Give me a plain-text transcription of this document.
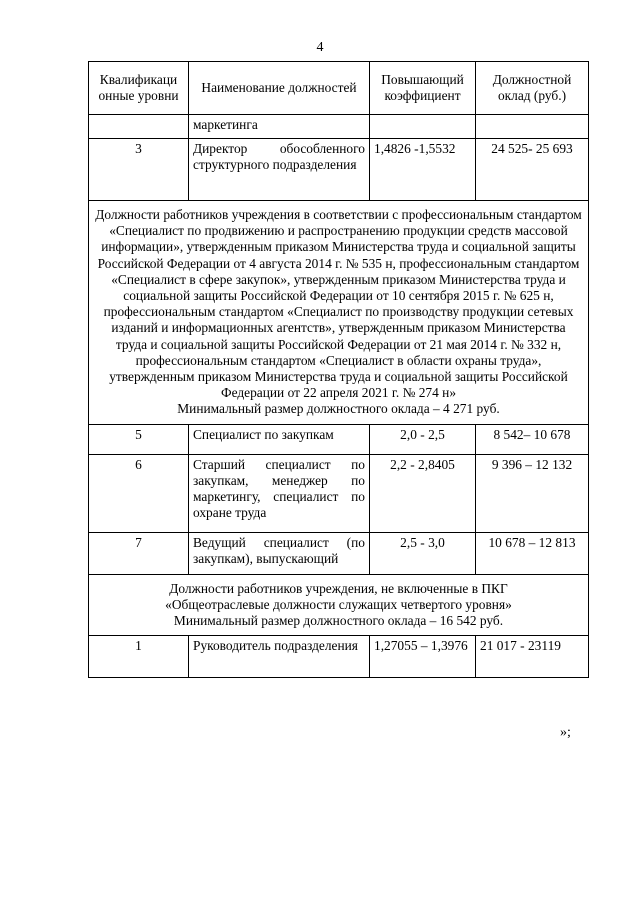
4
Квалификаци онные уровни	Наименование должностей	Повышающий коэффициент	Должностной оклад (руб.)
	маркетинга		
3	Директор обособленного структурного подразделения	1,4826 -1,5532	24 525- 25 693

Должности работников учреждения в соответствии с профессиональным стандартом «Специалист по продвижению и распространению продукции средств массовой информации», утвержденным приказом Министерства труда и социальной защиты Российской Федерации от 4 августа 2014 г. № 535 н, профессиональным стандартом «Специалист в сфере закупок», утвержденным приказом Министерства труда и социальной защиты Российской Федерации от 10 сентября 2015 г. № 625 н, профессиональным стандартом «Специалист по производству продукции сетевых изданий и информационных агентств», утвержденным приказом Министерства труда и социальной защиты Российской Федерации от 21 мая 2014 г. № 332 н, профессиональным стандартом «Специалист в области охраны труда», утвержденным приказом Министерства труда и социальной защиты Российской Федерации от 22 апреля 2021 г. № 274 н»
Минимальный размер должностного оклада – 4 271 руб.			

5	Специалист по закупкам	2,0 - 2,5	8 542– 10 678
6	Старший специалист по закупкам, менеджер по маркетингу, специалист по охране труда	2,2 - 2,8405	9 396 – 12 132
7	Ведущий специалист (по закупкам), выпускающий	2,5 - 3,0	10 678 – 12 813

Должности работников учреждения, не включенные в ПКГ
«Общеотраслевые должности служащих четвертого уровня»
Минимальный размер должностного оклада – 16 542 руб.			

1	Руководитель подразделения	1,27055 – 1,3976	21 017 - 23119
»;
